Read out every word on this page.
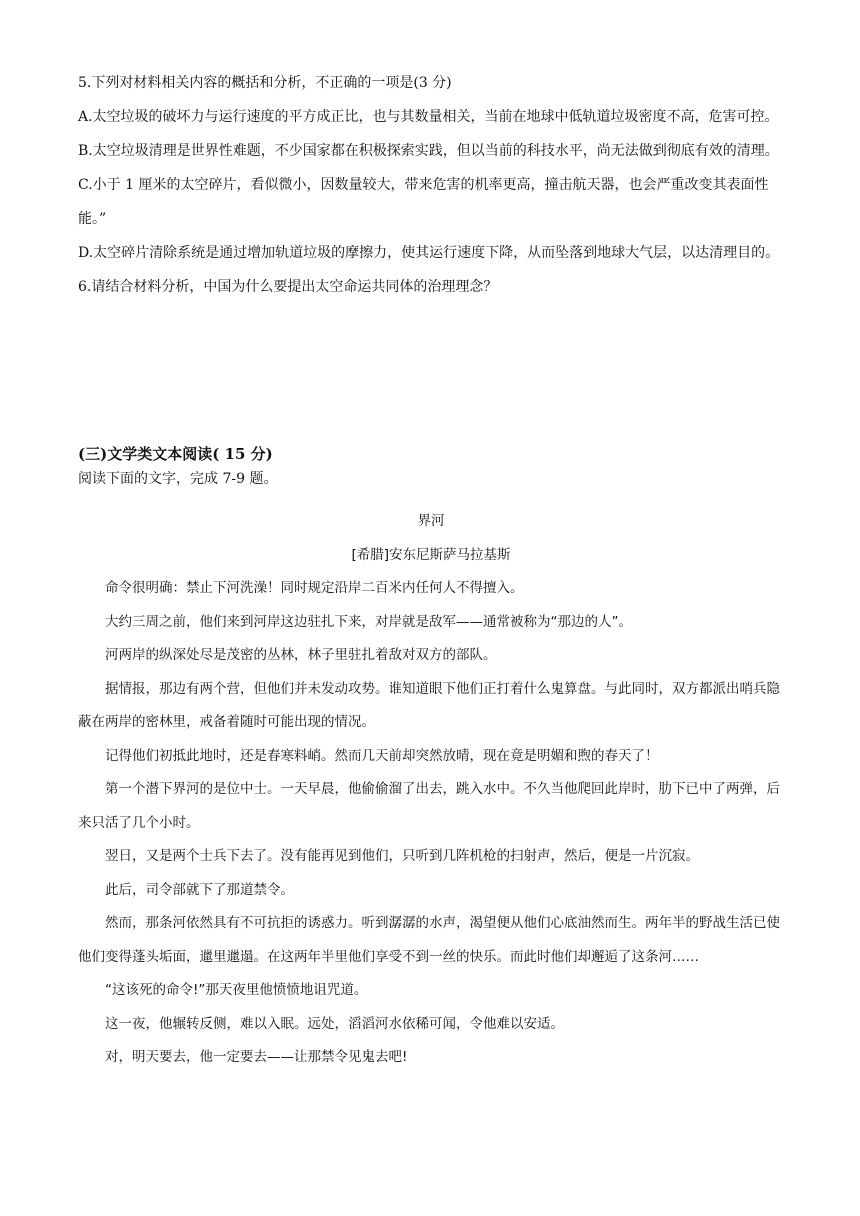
5.下列对材料相关内容的概括和分析，不正确的一项是(3 分)

A.太空垃圾的破坏力与运行速度的平方成正比，也与其数量相关，当前在地球中低轨道垃圾密度不高，危害可控。

B.太空垃圾清理是世界性难题，不少国家都在积极探索实践，但以当前的科技水平，尚无法做到彻底有效的清理。

C.小于 1 厘米的太空碎片，看似微小，因数量较大，带来危害的机率更高，撞击航天器，也会严重改变其表面性能。”

D.太空碎片清除系统是通过增加轨道垃圾的摩擦力，使其运行速度下降，从而坠落到地球大气层，以达清理目的。

6.请结合材料分析，中国为什么要提出太空命运共同体的治理理念？

(三)文学类文本阅读( 15 分)

阅读下面的文字，完成 7-9 题。

界河

[希腊]安东尼斯萨马拉基斯

命令很明确：禁止下河洗澡！同时规定沿岸二百米内任何人不得擅入。

大约三周之前，他们来到河岸这边驻扎下来，对岸就是敌军——通常被称为“那边的人”。

河两岸的纵深处尽是茂密的丛林，林子里驻扎着敌对双方的部队。

据情报，那边有两个营，但他们并未发动攻势。谁知道眼下他们正打着什么鬼算盘。与此同时，双方都派出哨兵隐蔽在两岸的密林里，戒备着随时可能出现的情况。

记得他们初抵此地时，还是春寒料峭。然而几天前却突然放晴，现在竟是明媚和煦的春天了！

第一个潜下界河的是位中士。一天早晨，他偷偷溜了出去，跳入水中。不久当他爬回此岸时，肋下已中了两弹，后来只活了几个小时。

翌日，又是两个士兵下去了。没有能再见到他们，只听到几阵机枪的扫射声，然后，便是一片沉寂。

此后，司令部就下了那道禁令。

然而，那条河依然具有不可抗拒的诱惑力。听到潺潺的水声，渴望便从他们心底油然而生。两年半的野战生活已使他们变得蓬头垢面，邋里邋遢。在这两年半里他们享受不到一丝的快乐。而此时他们却邂逅了这条河……

“这该死的命令!”那天夜里他愤愤地诅咒道。

这一夜，他辗转反侧，难以入眠。远处，滔滔河水依稀可闻，令他难以安适。

对，明天要去，他一定要去——让那禁令见鬼去吧!
